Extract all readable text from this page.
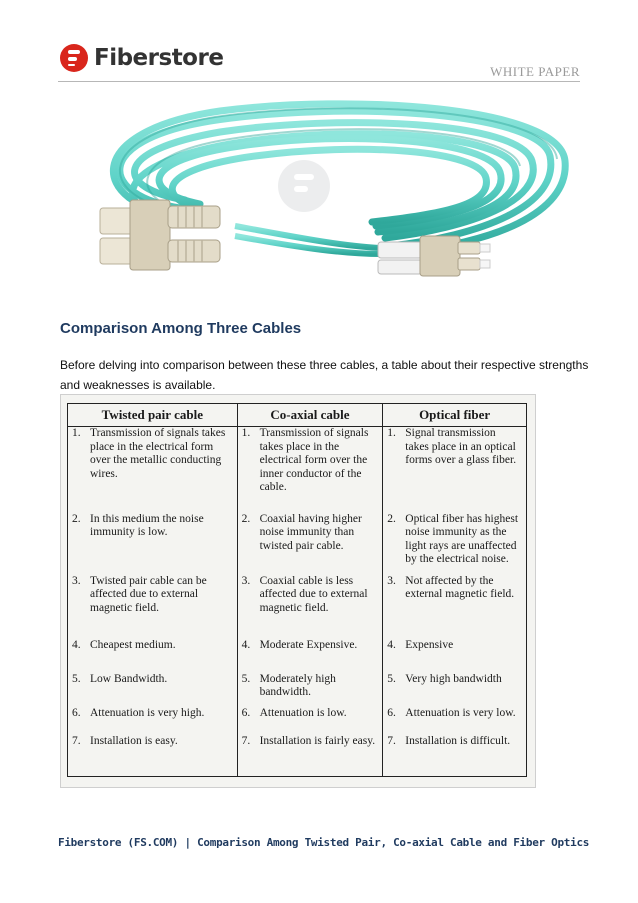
Fiberstore
WHITE PAPER
Comparison Among Three Cables
Before delving into comparison between these three cables, a table about their respective strengths and weaknesses is available.
Twisted pair cable	Co-axial cable	Optical fiber

1. Transmission of signals takes place in the electrical form over the metallic conducting wires.	1. Transmission of signals takes place in the electrical form over the inner conductor of the cable.	1. Signal transmission takes place in an optical forms over a glass fiber.

2. In this medium the noise immunity is low.	2. Coaxial having higher noise immunity than twisted pair cable.	2. Optical fiber has highest noise immunity as the light rays are unaffected by the electrical noise.

3. Twisted pair cable can be affected due to external magnetic field.	3. Coaxial cable is less affected due to external magnetic field.	3. Not affected by the external magnetic field.

4. Cheapest medium.	4. Moderate Expensive.	4. Expensive

5. Low Bandwidth.	5. Moderately high bandwidth.	5. Very high bandwidth

6. Attenuation is very high.	6. Attenuation is low.	6. Attenuation is very low.

7. Installation is easy.	7. Installation is fairly easy.	7. Installation is difficult.
Fiberstore (FS.COM) | Comparison Among Twisted Pair, Co-axial Cable and Fiber Optics
